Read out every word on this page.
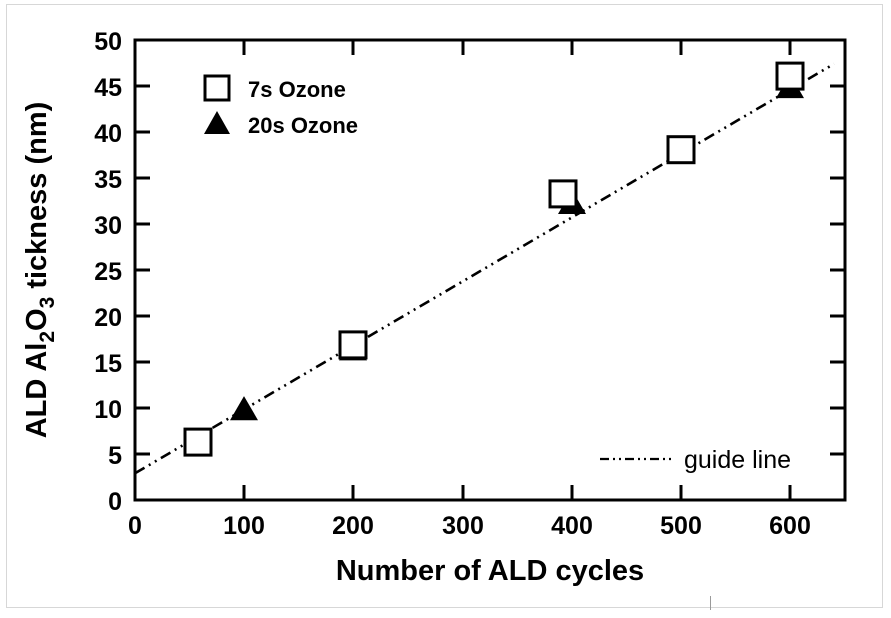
0
5
10
15
20
25
30
35
40
45
50
0	100	200	300	400	500	600
Number of ALD cycles
ALD $Al_2O_3$ tickness (nm)
7s Ozone
20s Ozone
guide line
